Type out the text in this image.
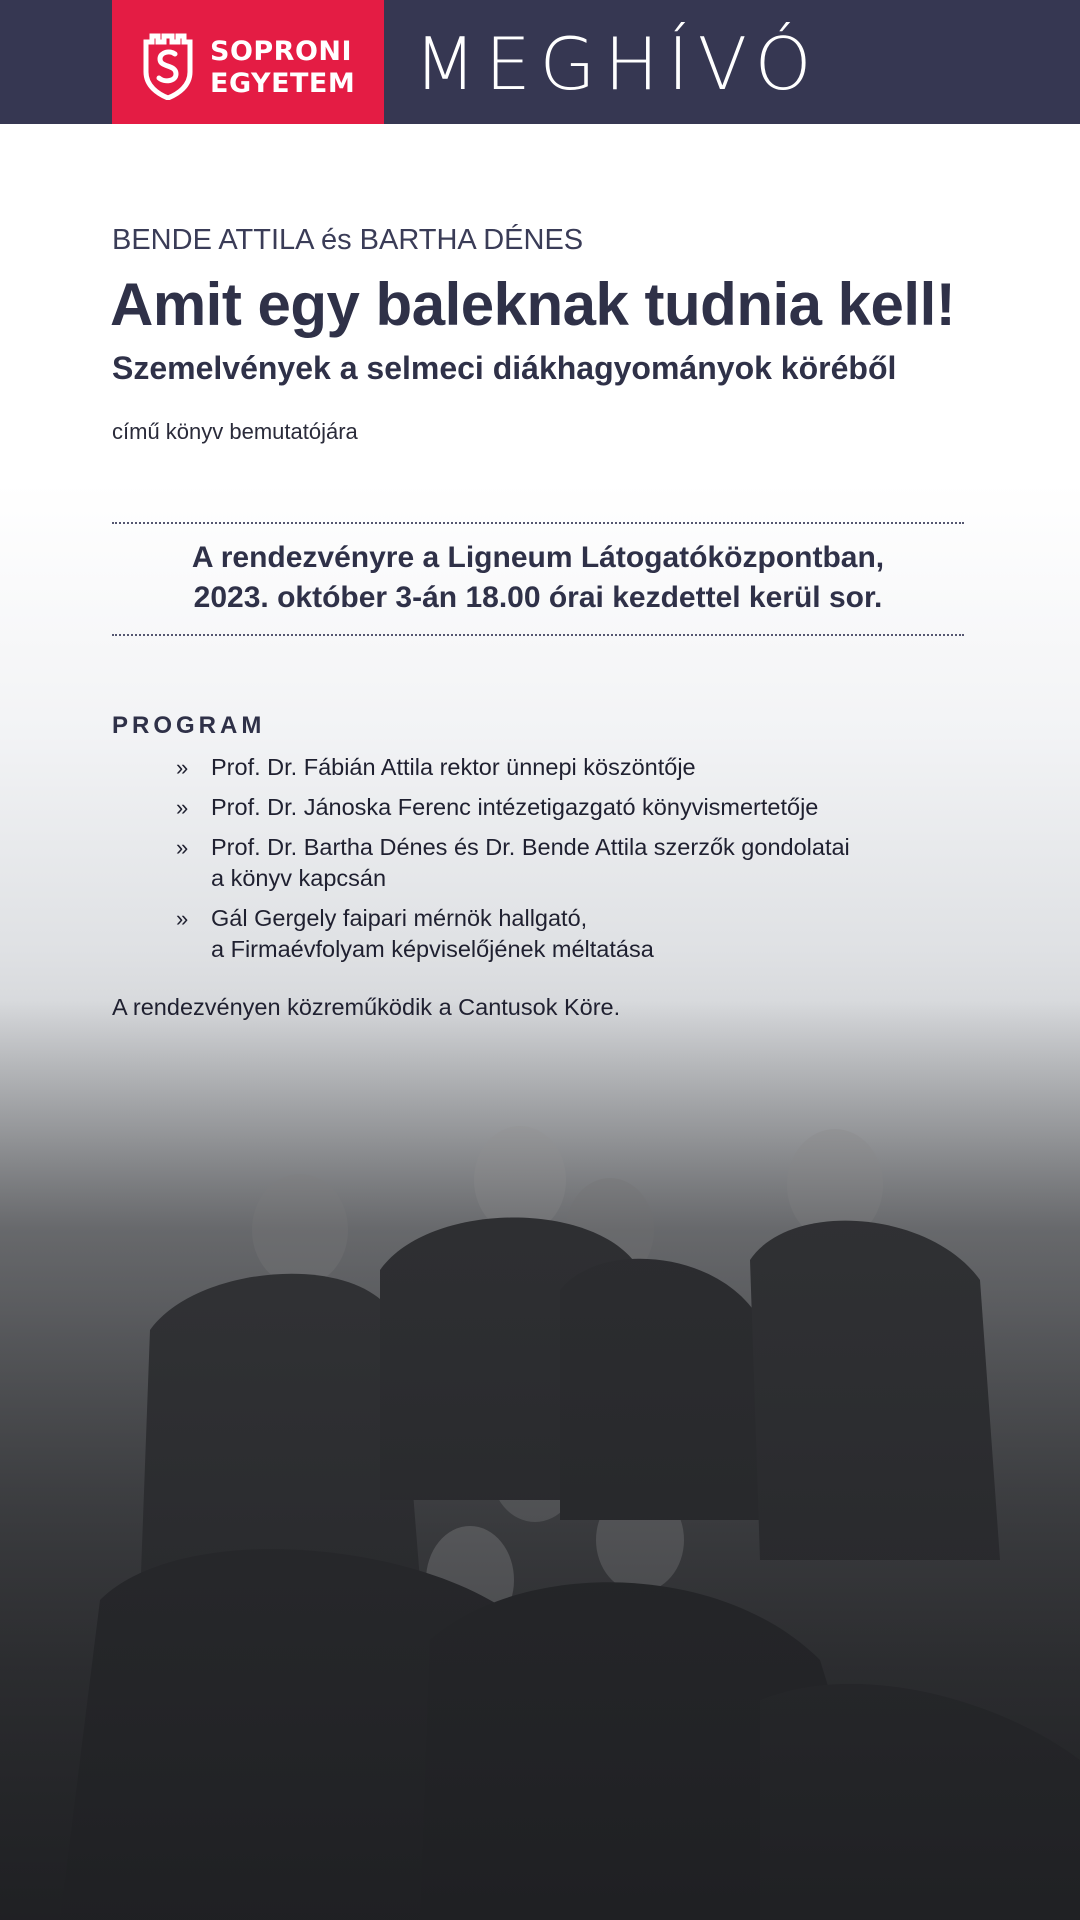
SOPRONI
EGYETEM MEGHÍVÓ
BENDE ATTILA és BARTHA DÉNES
Amit egy baleknak tudnia kell!
Szemelvények a selmeci diákhagyományok köréből
című könyv bemutatójára
A rendezvényre a Ligneum Látogatóközpontban,
2023. október 3-án 18.00 órai kezdettel kerül sor.
PROGRAM
» Prof. Dr. Fábián Attila rektor ünnepi köszöntője
» Prof. Dr. Jánoska Ferenc intézetigazgató könyvismertetője
» Prof. Dr. Bartha Dénes és Dr. Bende Attila szerzők gondolatai
a könyv kapcsán
» Gál Gergely faipari mérnök hallgató,
a Firmaévfolyam képviselőjének méltatása
A rendezvényen közreműködik a Cantusok Köre.
